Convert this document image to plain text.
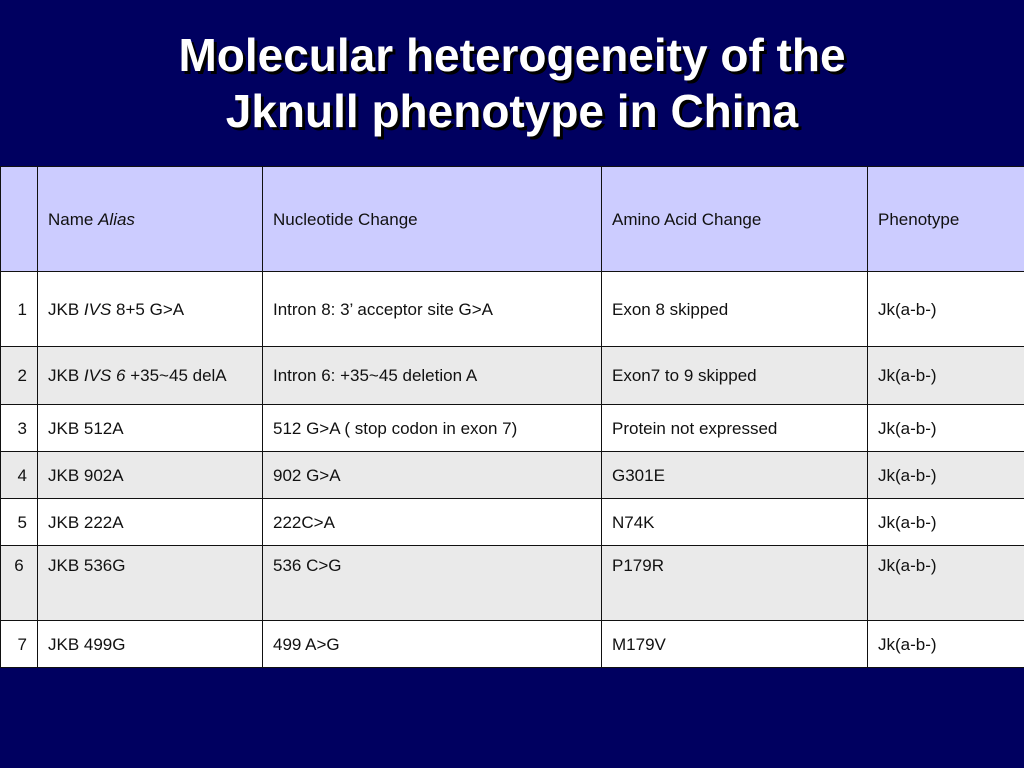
Molecular heterogeneity of the
Jknull phenotype in China
	Name Alias	Nucleotide Change	Amino Acid Change	Phenotype
1	JKB IVS 8+5 G>A	Intron 8: 3’ acceptor site G>A	Exon 8 skipped	Jk(a-b-)
2	JKB IVS 6 +35~45 delA	Intron 6: +35~45 deletion A	Exon7 to 9 skipped	Jk(a-b-)
3	JKB 512A	512 G>A ( stop codon in exon 7)	Protein not expressed	Jk(a-b-)
4	JKB 902A	902 G>A	G301E	Jk(a-b-)
5	JKB 222A	222C>A	N74K	Jk(a-b-)
6	JKB 536G	536 C>G	P179R	Jk(a-b-)
7	JKB 499G	499 A>G	M179V	Jk(a-b-)
